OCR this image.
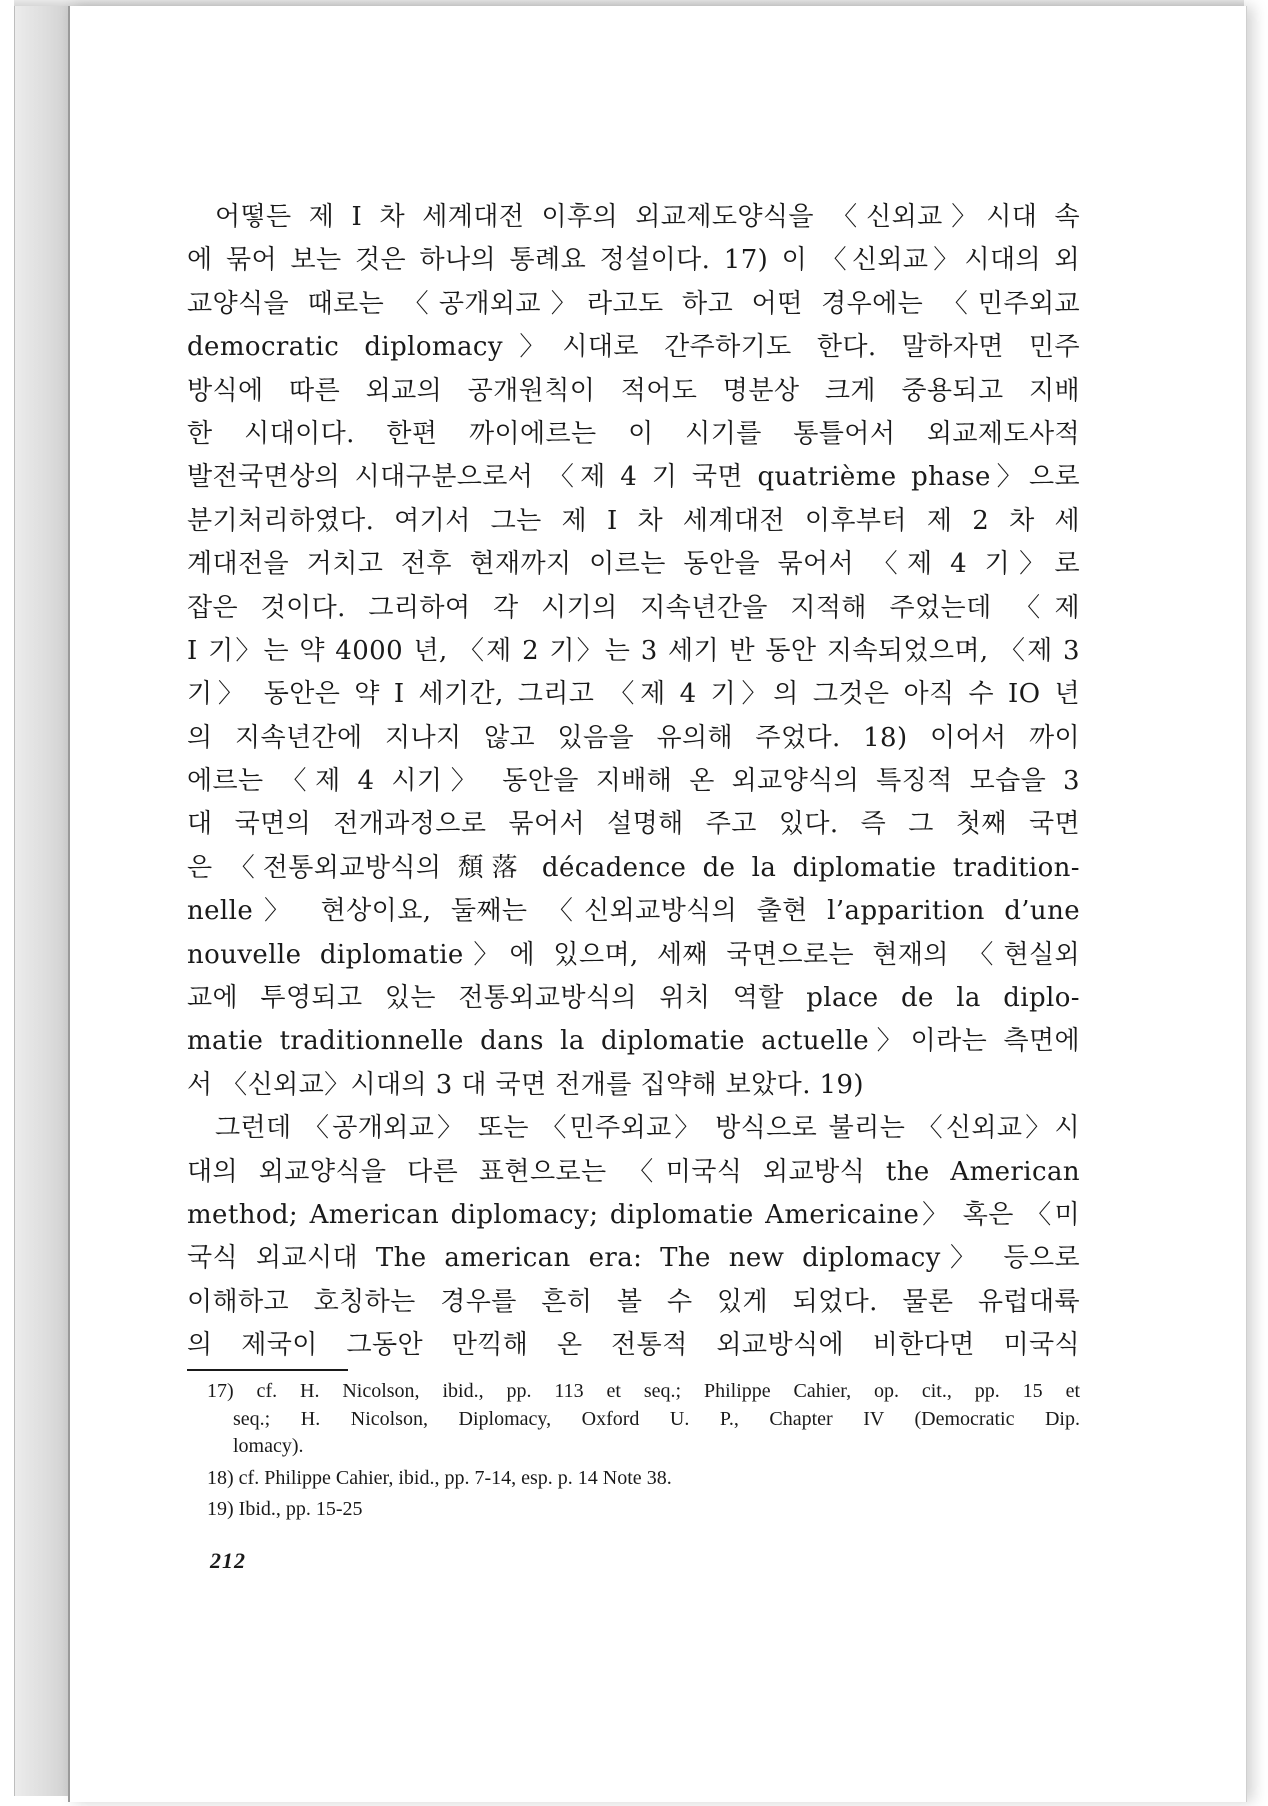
어떻든 제 I 차 세계대전 이후의 외교제도양식을 〈신외교〉시대 속
에 묶어 보는 것은 하나의 통례요 정설이다. 17) 이 〈신외교〉시대의 외
교양식을 때로는 〈공개외교〉라고도 하고 어떤 경우에는 〈민주외교
democratic diplomacy〉시대로 간주하기도 한다. 말하자면 민주
방식에 따른 외교의 공개원칙이 적어도 명분상 크게 중용되고 지배
한 시대이다. 한편 까이에르는 이 시기를 통틀어서 외교제도사적
발전국면상의 시대구분으로서 〈제 4 기 국면 quatrième phase〉으로
분기처리하였다. 여기서 그는 제 I 차 세계대전 이후부터 제 2 차 세
계대전을 거치고 전후 현재까지 이르는 동안을 묶어서 〈제 4 기〉로
잡은 것이다. 그리하여 각 시기의 지속년간을 지적해 주었는데 〈제
I 기〉는 약 4000 년, 〈제 2 기〉는 3 세기 반 동안 지속되었으며, 〈제 3
기〉 동안은 약 I 세기간, 그리고 〈제 4 기〉의 그것은 아직 수 IO 년
의 지속년간에 지나지 않고 있음을 유의해 주었다. 18) 이어서 까이
에르는 〈제 4 시기〉 동안을 지배해 온 외교양식의 특징적 모습을 3
대 국면의 전개과정으로 묶어서 설명해 주고 있다. 즉 그 첫째 국면
은 〈전통외교방식의 頹落 décadence de la diplomatie tradition-
nelle〉 현상이요, 둘째는 〈신외교방식의 출현 l’apparition d’une
nouvelle diplomatie〉에 있으며, 세째 국면으로는 현재의 〈현실외
교에 투영되고 있는 전통외교방식의 위치 역할 place de la diplo-
matie traditionnelle dans la diplomatie actuelle〉이라는 측면에
서 〈신외교〉시대의 3 대 국면 전개를 집약해 보았다. 19)
그런데 〈공개외교〉 또는 〈민주외교〉 방식으로 불리는 〈신외교〉시
대의 외교양식을 다른 표현으로는 〈미국식 외교방식 the American
method; American diplomacy; diplomatie Americaine〉 혹은 〈미
국식 외교시대 The american era: The new diplomacy〉 등으로
이해하고 호칭하는 경우를 흔히 볼 수 있게 되었다. 물론 유럽대륙
의 제국이 그동안 만끽해 온 전통적 외교방식에 비한다면 미국식
17) cf. H. Nicolson, ibid., pp. 113 et seq.; Philippe Cahier, op. cit., pp. 15 et
seq.; H. Nicolson, Diplomacy, Oxford U. P., Chapter IV (Democratic Dip.
lomacy).
18) cf. Philippe Cahier, ibid., pp. 7-14, esp. p. 14 Note 38.
19) Ibid., pp. 15-25
212
